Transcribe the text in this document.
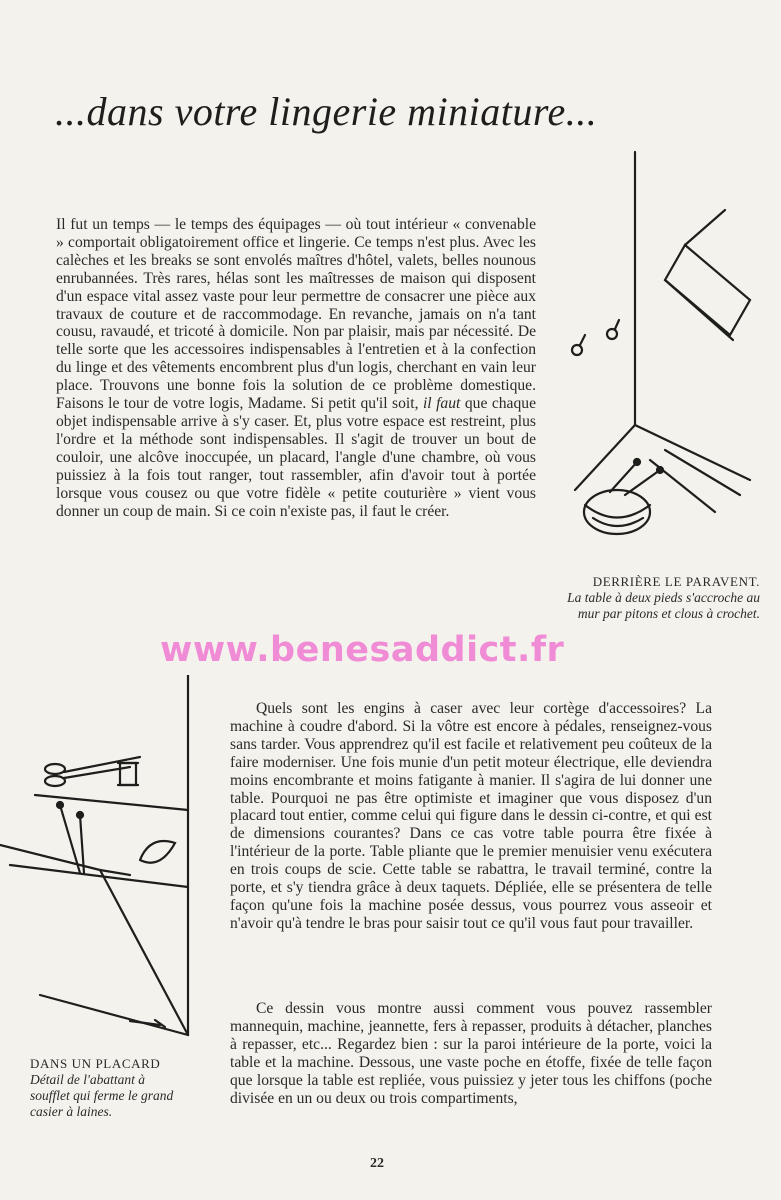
...dans votre lingerie miniature...
Il fut un temps — le temps des équipages — où tout intérieur « convenable » comportait obligatoirement office et lingerie. Ce temps n'est plus. Avec les calèches et les breaks se sont envolés maîtres d'hôtel, valets, belles nounous enrubannées. Très rares, hélas sont les maîtresses de maison qui disposent d'un espace vital assez vaste pour leur permettre de consacrer une pièce aux travaux de couture et de raccommodage. En revanche, jamais on n'a tant cousu, ravaudé, et tricoté à domicile. Non par plaisir, mais par nécessité. De telle sorte que les accessoires indispensables à l'entretien et à la confection du linge et des vêtements encombrent plus d'un logis, cherchant en vain leur place. Trouvons une bonne fois la solution de ce problème domestique. Faisons le tour de votre logis, Madame. Si petit qu'il soit, il faut que chaque objet indispensable arrive à s'y caser. Et, plus votre espace est restreint, plus l'ordre et la méthode sont indispensables. Il s'agit de trouver un bout de couloir, une alcôve inoccupée, un placard, l'angle d'une chambre, où vous puissiez à la fois tout ranger, tout rassembler, afin d'avoir tout à portée lorsque vous cousez ou que votre fidèle « petite couturière » vient vous donner un coup de main. Si ce coin n'existe pas, il faut le créer.
DERRIÈRE LE PARAVENT.
La table à deux pieds s'accroche au mur par pitons et clous à crochet.
www.benesaddict.fr
Quels sont les engins à caser avec leur cortège d'accessoires? La machine à coudre d'abord. Si la vôtre est encore à pédales, renseignez-vous sans tarder. Vous apprendrez qu'il est facile et relativement peu coûteux de la faire moderniser. Une fois munie d'un petit moteur électrique, elle deviendra moins encombrante et moins fatigante à manier. Il s'agira de lui donner une table. Pourquoi ne pas être optimiste et imaginer que vous disposez d'un placard tout entier, comme celui qui figure dans le dessin ci-contre, et qui est de dimensions courantes? Dans ce cas votre table pourra être fixée à l'intérieur de la porte. Table pliante que le premier menuisier venu exécutera en trois coups de scie. Cette table se rabattra, le travail terminé, contre la porte, et s'y tiendra grâce à deux taquets. Dépliée, elle se présentera de telle façon qu'une fois la machine posée dessus, vous pourrez vous asseoir et n'avoir qu'à tendre le bras pour saisir tout ce qu'il vous faut pour travailler.
Ce dessin vous montre aussi comment vous pouvez rassembler mannequin, machine, jeannette, fers à repasser, produits à détacher, planches à repasser, etc... Regardez bien : sur la paroi intérieure de la porte, voici la table et la machine. Dessous, une vaste poche en étoffe, fixée de telle façon que lorsque la table est repliée, vous puissiez y jeter tous les chiffons (poche divisée en un ou deux ou trois compartiments,
DANS UN PLACARD
Détail de l'abattant à soufflet qui ferme le grand casier à laines.
22
